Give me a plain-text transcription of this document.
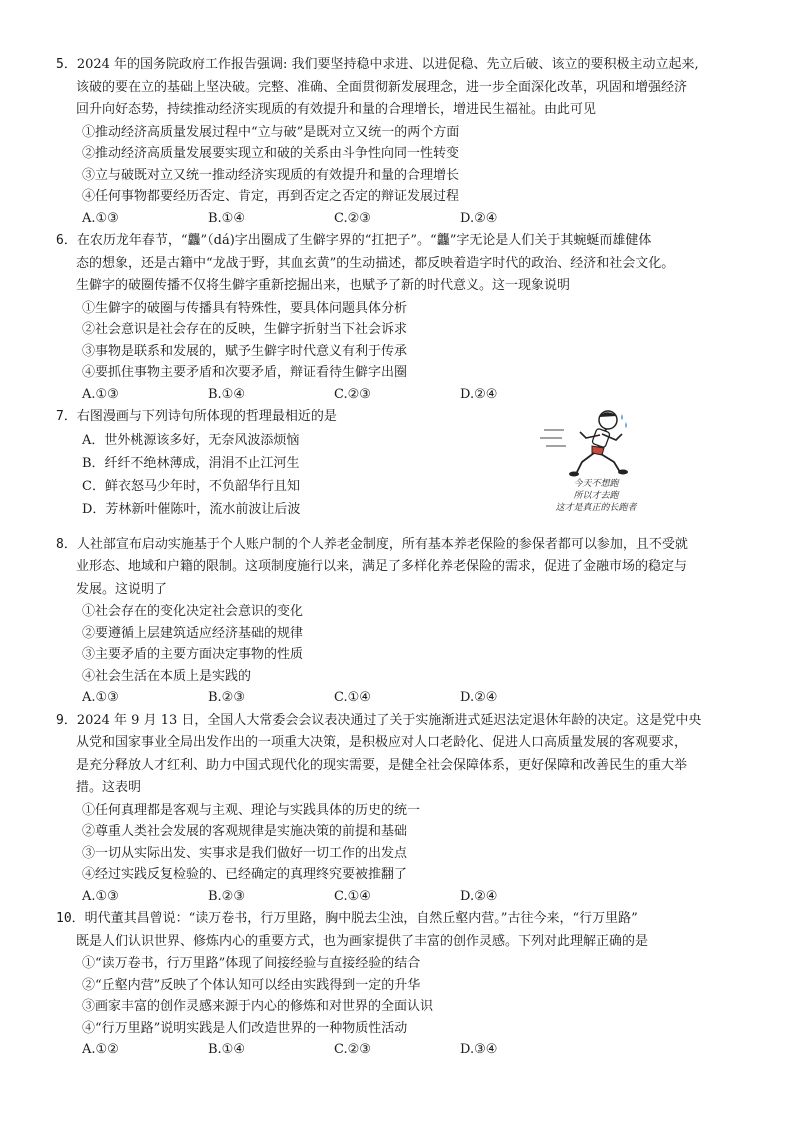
5．2024 年的国务院政府工作报告强调: 我们要坚持稳中求进、以进促稳、先立后破、该立的要积极主动立起来,
该破的要在立的基础上坚决破。完整、准确、全面贯彻新发展理念，进一步全面深化改革，巩固和增强经济
回升向好态势，持续推动经济实现质的有效提升和量的合理增长，增进民生福祉。由此可见
①推动经济高质量发展过程中“立与破”是既对立又统一的两个方面
②推动经济高质量发展要实现立和破的关系由斗争性向同一性转变
③立与破既对立又统一推动经济实现质的有效提升和量的合理增长
④任何事物都要经历否定、肯定，再到否定之否定的辩证发展过程
A.①③	B.①④	C.②③	D.②④
6．在农历龙年春节，“龘”（dá)字出圈成了生僻字界的“扛把子”。“龘”字无论是人们关于其蜿蜒而雄健体
态的想象，还是古籍中“龙战于野，其血玄黄”的生动描述，都反映着造字时代的政治、经济和社会文化。
生僻字的破圈传播不仅将生僻字重新挖掘出来，也赋予了新的时代意义。这一现象说明
①生僻字的破圈与传播具有特殊性，要具体问题具体分析
②社会意识是社会存在的反映，生僻字折射当下社会诉求
③事物是联系和发展的，赋予生僻字时代意义有利于传承
④要抓住事物主要矛盾和次要矛盾，辩证看待生僻字出圈
A.①③	B.①④	C.②③	D.②④
7．右图漫画与下列诗句所体现的哲理最相近的是
A．世外桃源该多好，无奈风波添烦恼
B．纤纤不绝林薄成，涓涓不止江河生
C．鲜衣怒马少年时，不负韶华行且知
D．芳林新叶催陈叶，流水前波让后波
今天不想跑
所以才去跑
这才是真正的长跑者
8．人社部宣布启动实施基于个人账户制的个人养老金制度，所有基本养老保险的参保者都可以参加，且不受就
业形态、地域和户籍的限制。这项制度施行以来，满足了多样化养老保险的需求，促进了金融市场的稳定与
发展。这说明了
①社会存在的变化决定社会意识的变化
②要遵循上层建筑适应经济基础的规律
③主要矛盾的主要方面决定事物的性质
④社会生活在本质上是实践的
A.①③	B.②③	C.①④	D.②④
9．2024 年 9 月 13 日，全国人大常委会会议表决通过了关于实施渐进式延迟法定退休年龄的决定。这是党中央
从党和国家事业全局出发作出的一项重大决策，是积极应对人口老龄化、促进人口高质量发展的客观要求，
是充分释放人才红利、助力中国式现代化的现实需要，是健全社会保障体系，更好保障和改善民生的重大举
措。这表明
①任何真理都是客观与主观、理论与实践具体的历史的统一
②尊重人类社会发展的客观规律是实施决策的前提和基础
③一切从实际出发、实事求是我们做好一切工作的出发点
④经过实践反复检验的、已经确定的真理终究要被推翻了
A.①③	B.②③	C.①④	D.②④
10．明代董其昌曾说：“读万卷书，行万里路，胸中脱去尘浊，自然丘壑内营。”古往今来，“行万里路”
既是人们认识世界、修炼内心的重要方式，也为画家提供了丰富的创作灵感。下列对此理解正确的是
①“读万卷书，行万里路”体现了间接经验与直接经验的结合
②“丘壑内营”反映了个体认知可以经由实践得到一定的升华
③画家丰富的创作灵感来源于内心的修炼和对世界的全面认识
④“行万里路”说明实践是人们改造世界的一种物质性活动
A.①②	B.①④	C.②③	D.③④
